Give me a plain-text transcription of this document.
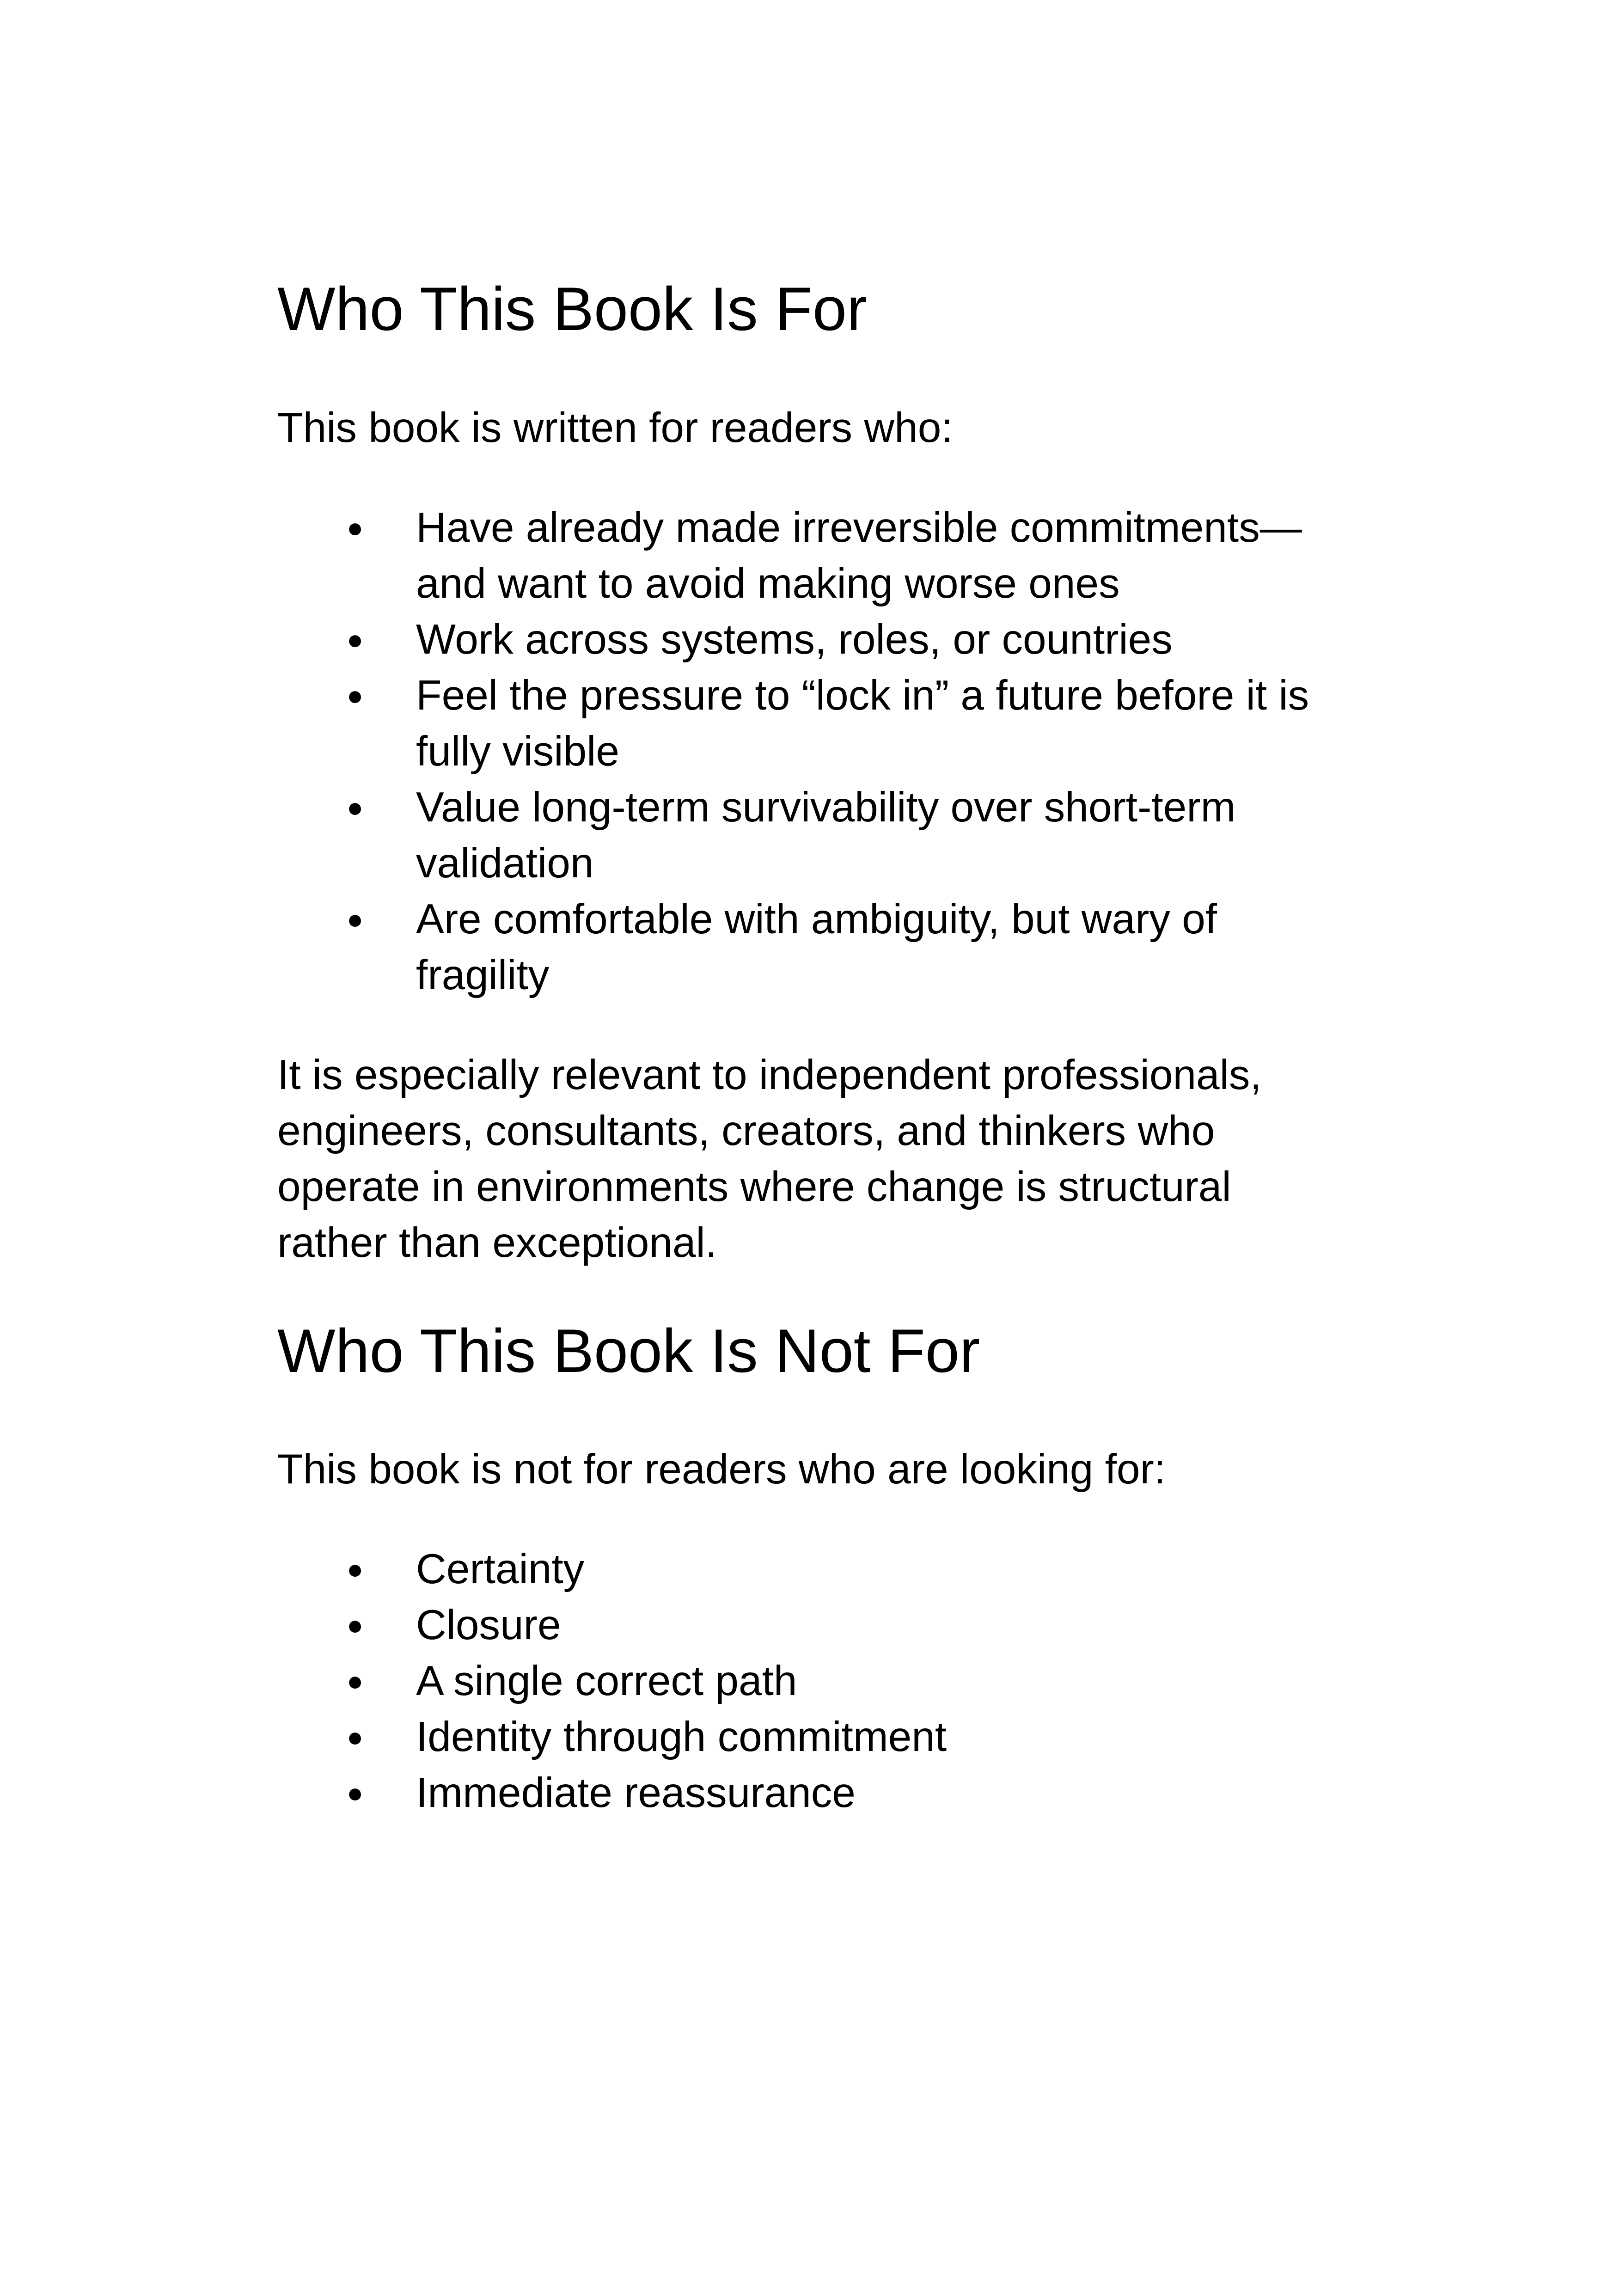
Who This Book Is For

This book is written for readers who:

● Have already made irreversible commitments—and want to avoid making worse ones
● Work across systems, roles, or countries
● Feel the pressure to “lock in” a future before it is fully visible
● Value long-term survivability over short-term validation
● Are comfortable with ambiguity, but wary of fragility

It is especially relevant to independent professionals, engineers, consultants, creators, and thinkers who operate in environments where change is structural rather than exceptional.

Who This Book Is Not For

This book is not for readers who are looking for:

● Certainty
● Closure
● A single correct path
● Identity through commitment
● Immediate reassurance
